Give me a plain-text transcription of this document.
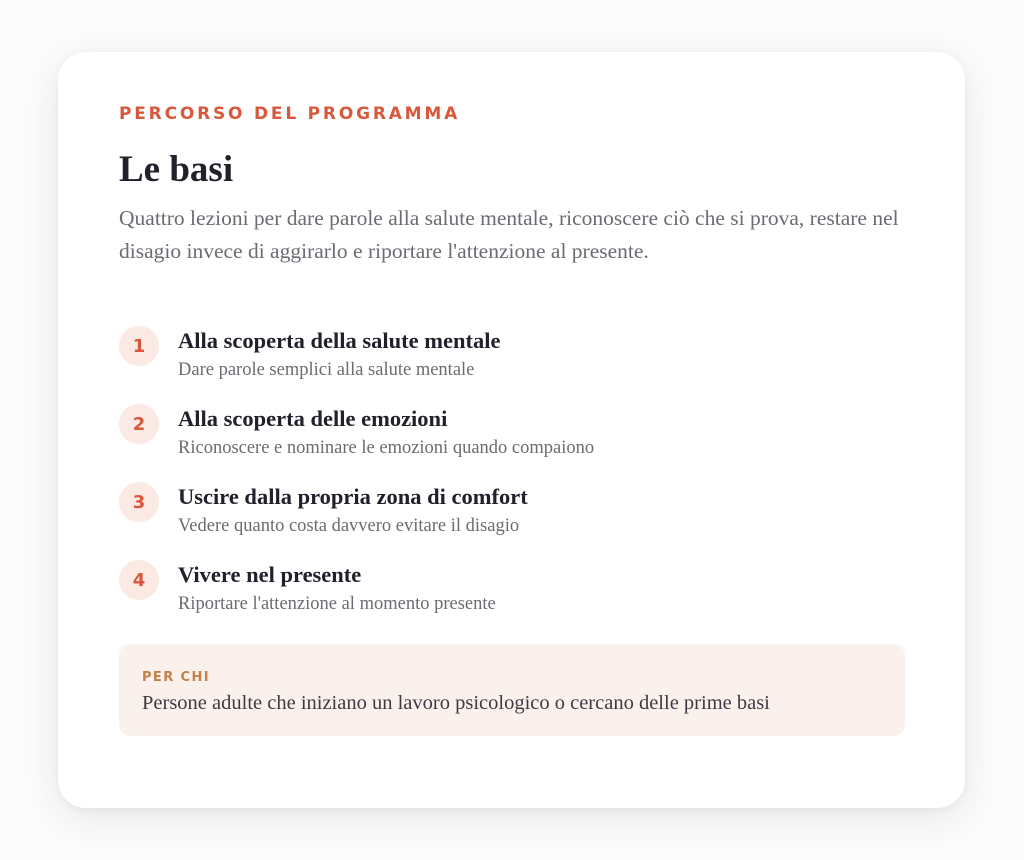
PERCORSO DEL PROGRAMMA
Le basi

Quattro lezioni per dare parole alla salute mentale, riconoscere ciò che si prova, restare nel disagio invece di aggirarlo e riportare l'attenzione al presente.

1	Alla scoperta della salute mentale
Dare parole semplici alla salute mentale
2	Alla scoperta delle emozioni
Riconoscere e nominare le emozioni quando compaiono
3	Uscire dalla propria zona di comfort
Vedere quanto costa davvero evitare il disagio
4	Vivere nel presente
Riportare l'attenzione al momento presente
PER CHI
Persone adulte che iniziano un lavoro psicologico o cercano delle prime basi
